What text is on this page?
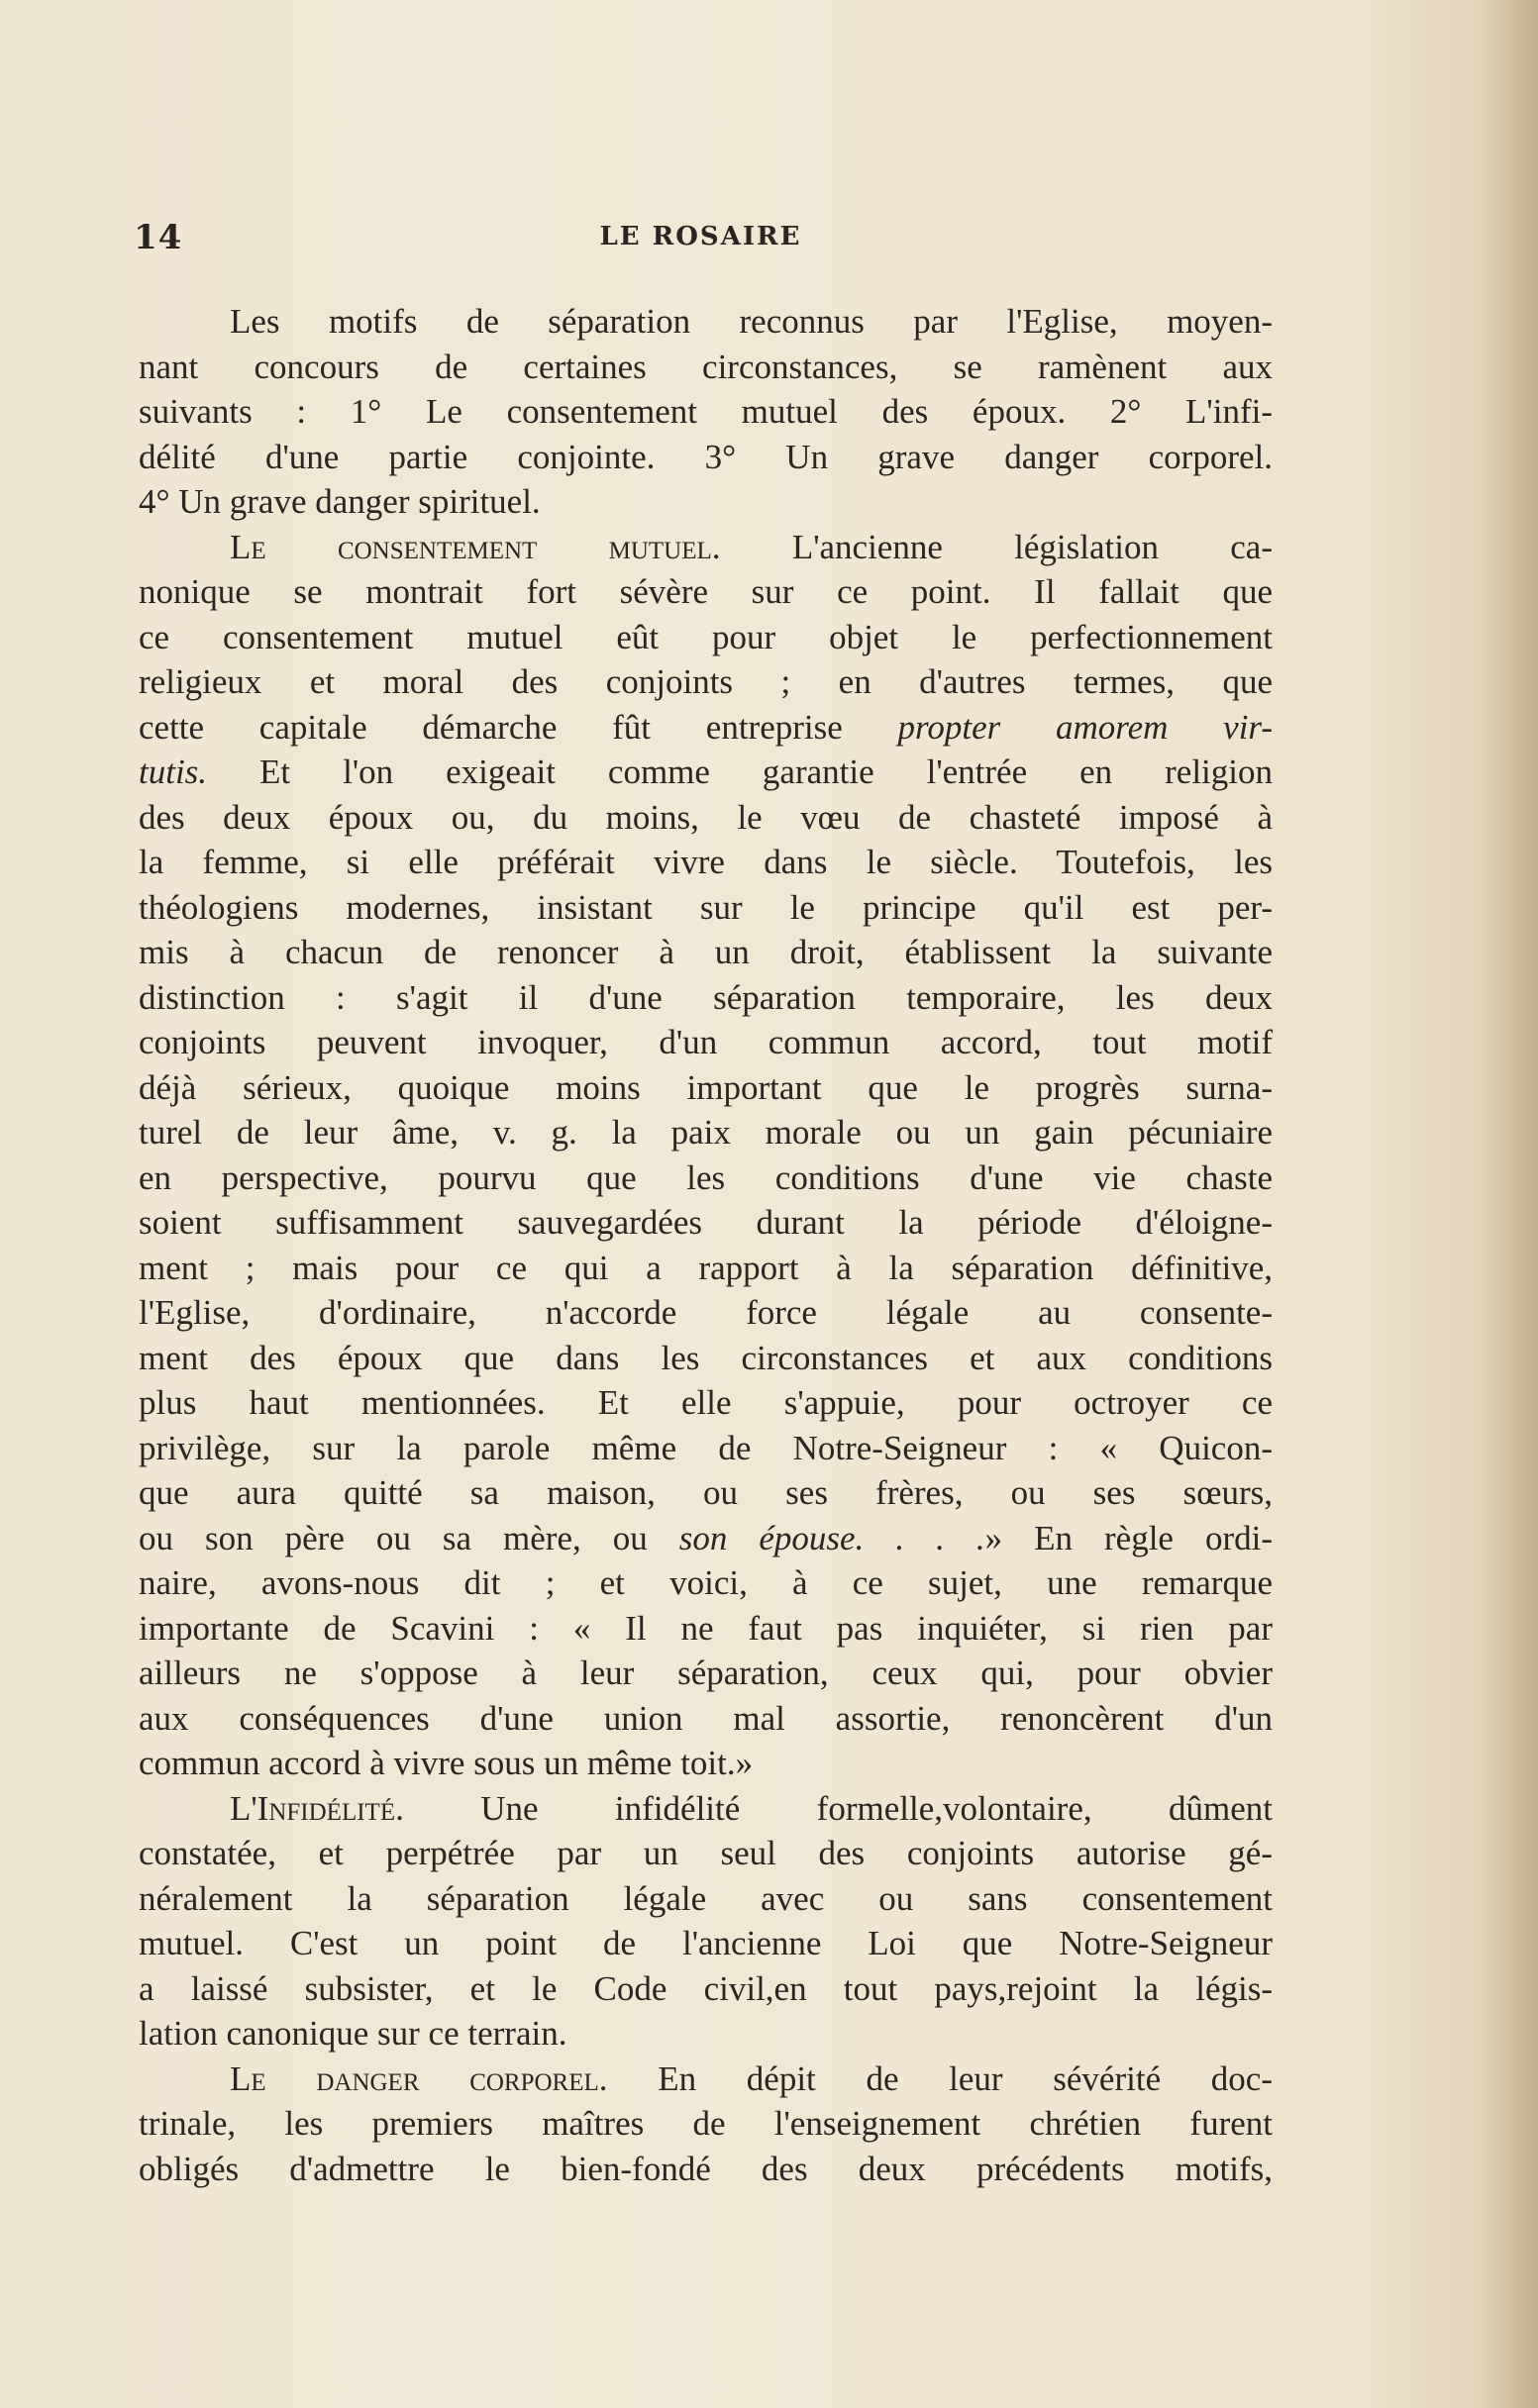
14	LE ROSAIRE
Les motifs de séparation reconnus par l'Eglise, moyen-
nant concours de certaines circonstances, se ramènent aux
suivants : 1° Le consentement mutuel des époux. 2° L'infi-
délité d'une partie conjointe. 3° Un grave danger corporel.
4° Un grave danger spirituel.
Le consentement mutuel. L'ancienne législation ca-
nonique se montrait fort sévère sur ce point. Il fallait que
ce consentement mutuel eût pour objet le perfectionnement
religieux et moral des conjoints ; en d'autres termes, que
cette capitale démarche fût entreprise propter amorem vir-
tutis. Et l'on exigeait comme garantie l'entrée en religion
des deux époux ou, du moins, le vœu de chasteté imposé à
la femme, si elle préférait vivre dans le siècle. Toutefois, les
théologiens modernes, insistant sur le principe qu'il est per-
mis à chacun de renoncer à un droit, établissent la suivante
distinction : s'agit il d'une séparation temporaire, les deux
conjoints peuvent invoquer, d'un commun accord, tout motif
déjà sérieux, quoique moins important que le progrès surna-
turel de leur âme, v. g. la paix morale ou un gain pécuniaire
en perspective, pourvu que les conditions d'une vie chaste
soient suffisamment sauvegardées durant la période d'éloigne-
ment ; mais pour ce qui a rapport à la séparation définitive,
l'Eglise, d'ordinaire, n'accorde force légale au consente-
ment des époux que dans les circonstances et aux conditions
plus haut mentionnées. Et elle s'appuie, pour octroyer ce
privilège, sur la parole même de Notre-Seigneur : « Quicon-
que aura quitté sa maison, ou ses frères, ou ses sœurs,
ou son père ou sa mère, ou son épouse. . . .» En règle ordi-
naire, avons-nous dit ; et voici, à ce sujet, une remarque
importante de Scavini : « Il ne faut pas inquiéter, si rien par
ailleurs ne s'oppose à leur séparation, ceux qui, pour obvier
aux conséquences d'une union mal assortie, renoncèrent d'un
commun accord à vivre sous un même toit.»
L'Infidélité. Une infidélité formelle,volontaire, dûment
constatée, et perpétrée par un seul des conjoints autorise gé-
néralement la séparation légale avec ou sans consentement
mutuel. C'est un point de l'ancienne Loi que Notre-Seigneur
a laissé subsister, et le Code civil,en tout pays,rejoint la légis-
lation canonique sur ce terrain.
Le danger corporel. En dépit de leur sévérité doc-
trinale, les premiers maîtres de l'enseignement chrétien furent
obligés d'admettre le bien-fondé des deux précédents motifs,
